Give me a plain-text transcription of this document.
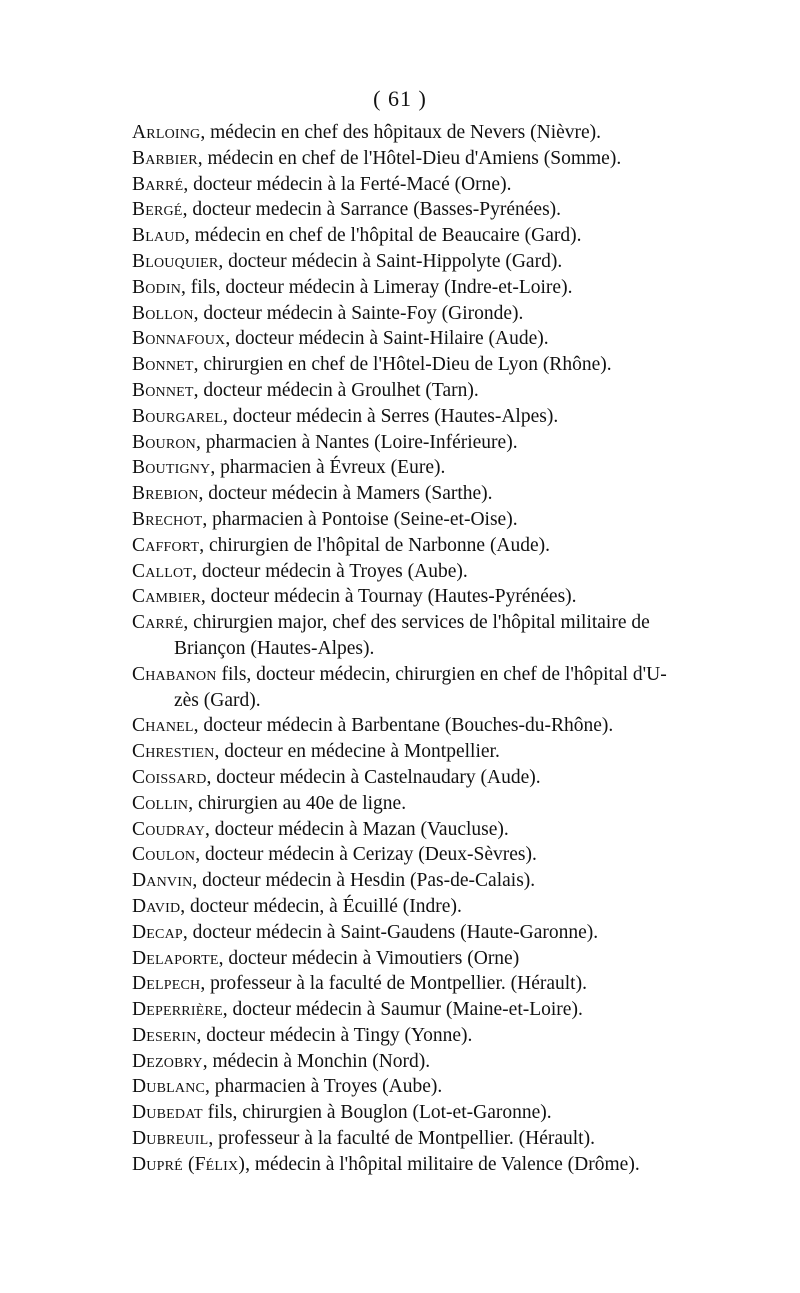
( 61 )
Arloing, médecin en chef des hôpitaux de Nevers (Nièvre).
Barbier, médecin en chef de l'Hôtel-Dieu d'Amiens (Somme).
Barré, docteur médecin à la Ferté-Macé (Orne).
Bergé, docteur medecin à Sarrance (Basses-Pyrénées).
Blaud, médecin en chef de l'hôpital de Beaucaire (Gard).
Blouquier, docteur médecin à Saint-Hippolyte (Gard).
Bodin, fils, docteur médecin à Limeray (Indre-et-Loire).
Bollon, docteur médecin à Sainte-Foy (Gironde).
Bonnafoux, docteur médecin à Saint-Hilaire (Aude).
Bonnet, chirurgien en chef de l'Hôtel-Dieu de Lyon (Rhône).
Bonnet, docteur médecin à Groulhet (Tarn).
Bourgarel, docteur médecin à Serres (Hautes-Alpes).
Bouron, pharmacien à Nantes (Loire-Inférieure).
Boutigny, pharmacien à Évreux (Eure).
Brebion, docteur médecin à Mamers (Sarthe).
Brechot, pharmacien à Pontoise (Seine-et-Oise).
Caffort, chirurgien de l'hôpital de Narbonne (Aude).
Callot, docteur médecin à Troyes (Aube).
Cambier, docteur médecin à Tournay (Hautes-Pyrénées).
Carré, chirurgien major, chef des services de l'hôpital militaire de
Briançon (Hautes-Alpes).
Chabanon fils, docteur médecin, chirurgien en chef de l'hôpital d'U-
zès (Gard).
Chanel, docteur médecin à Barbentane (Bouches-du-Rhône).
Chrestien, docteur en médecine à Montpellier.
Coissard, docteur médecin à Castelnaudary (Aude).
Collin, chirurgien au 40e de ligne.
Coudray, docteur médecin à Mazan (Vaucluse).
Coulon, docteur médecin à Cerizay (Deux-Sèvres).
Danvin, docteur médecin à Hesdin (Pas-de-Calais).
David, docteur médecin, à Écuillé (Indre).
Decap, docteur médecin à Saint-Gaudens (Haute-Garonne).
Delaporte, docteur médecin à Vimoutiers (Orne)
Delpech, professeur à la faculté de Montpellier. (Hérault).
Deperrière, docteur médecin à Saumur (Maine-et-Loire).
Deserin, docteur médecin à Tingy (Yonne).
Dezobry, médecin à Monchin (Nord).
Dublanc, pharmacien à Troyes (Aube).
Dubedat fils, chirurgien à Bouglon (Lot-et-Garonne).
Dubreuil, professeur à la faculté de Montpellier. (Hérault).
Dupré (Félix), médecin à l'hôpital militaire de Valence (Drôme).
